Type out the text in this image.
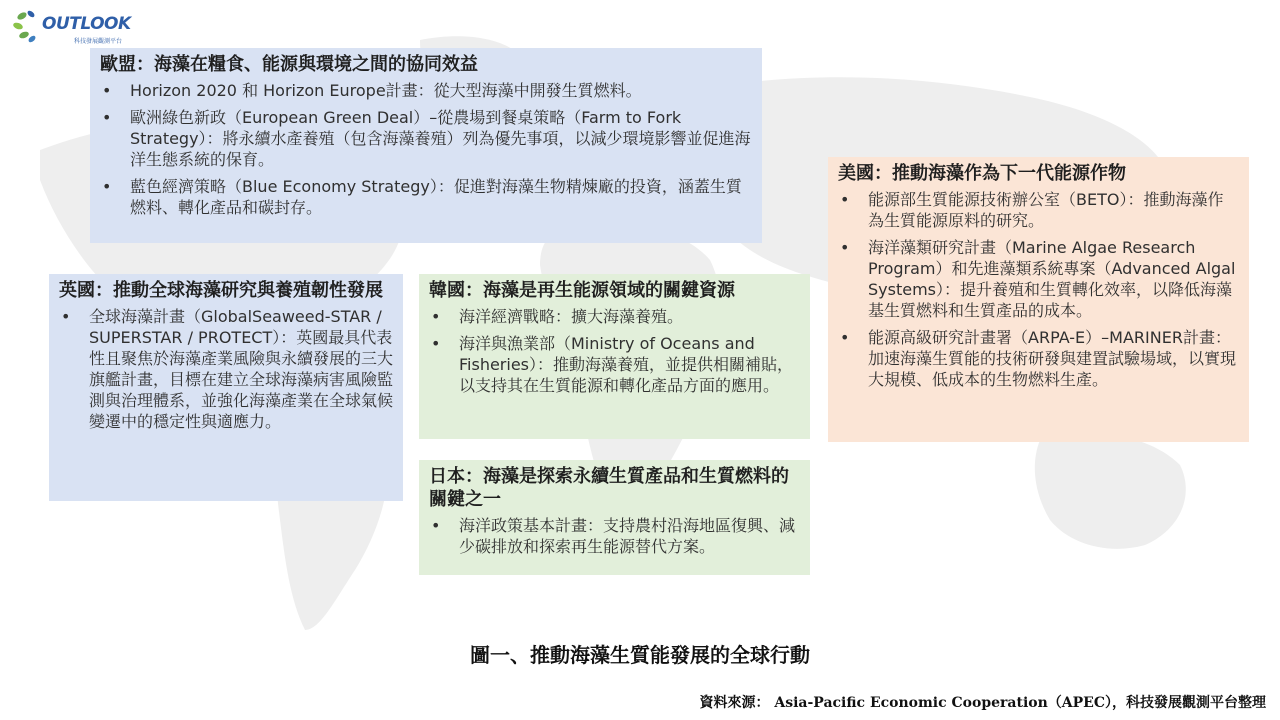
OUTLOOK
科技發展觀測平台
歐盟：海藻在糧食、能源與環境之間的協同效益
• Horizon 2020 和 Horizon Europe計畫：從大型海藻中開發生質燃料。
• 歐洲綠色新政（European Green Deal）–從農場到餐桌策略（Farm to Fork Strategy）：將永續水產養殖（包含海藻養殖）列為優先事項，以減少環境影響並促進海洋生態系統的保育。
• 藍色經濟策略（Blue Economy Strategy）：促進對海藻生物精煉廠的投資，涵蓋生質燃料、轉化產品和碳封存。
美國：推動海藻作為下一代能源作物
• 能源部生質能源技術辦公室（BETO）：推動海藻作為生質能源原料的研究。
• 海洋藻類研究計畫（Marine Algae Research Program）和先進藻類系統專案（Advanced Algal Systems）：提升養殖和生質轉化效率，以降低海藻基生質燃料和生質產品的成本。
• 能源高級研究計畫署（ARPA-E）–MARINER計畫：加速海藻生質能的技術研發與建置試驗場域，以實現大規模、低成本的生物燃料生產。
英國：推動全球海藻研究與養殖韌性發展
• 全球海藻計畫（GlobalSeaweed-STAR / SUPERSTAR / PROTECT）：英國最具代表性且聚焦於海藻產業風險與永續發展的三大旗艦計畫，目標在建立全球海藻病害風險監測與治理體系，並強化海藻產業在全球氣候變遷中的穩定性與適應力。
韓國：海藻是再生能源領域的關鍵資源
• 海洋經濟戰略：擴大海藻養殖。
• 海洋與漁業部（Ministry of Oceans and Fisheries）：推動海藻養殖，並提供相關補貼，以支持其在生質能源和轉化產品方面的應用。
日本：海藻是探索永續生質產品和生質燃料的關鍵之一
• 海洋政策基本計畫：支持農村沿海地區復興、減少碳排放和探索再生能源替代方案。
圖一、推動海藻生質能發展的全球行動
資料來源： Asia-Pacific Economic Cooperation（APEC），科技發展觀測平台整理
